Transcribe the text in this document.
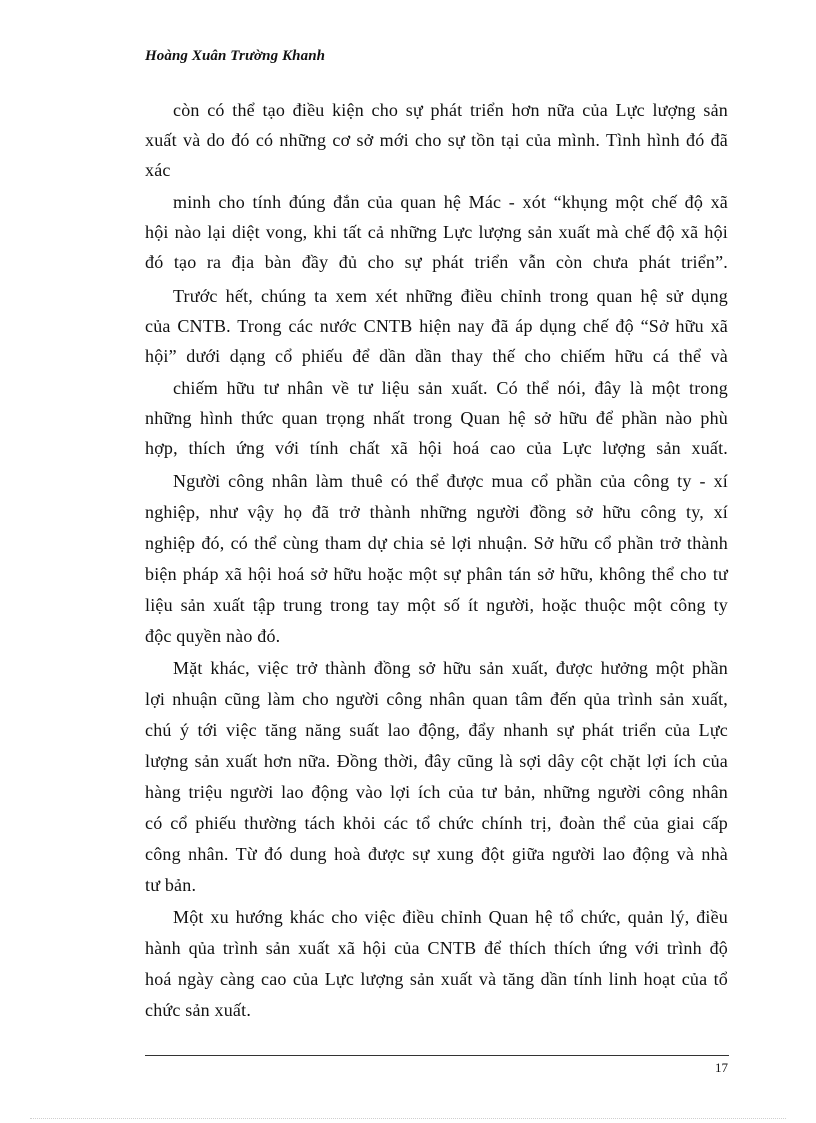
Hoàng Xuân Trường Khanh
còn có thể tạo điều kiện cho sự phát triển hơn nữa của Lực lượng sản
xuất và do đó có những cơ sở mới cho sự tồn tại của mình. Tình hình đó đã
xác
minh cho tính đúng đắn của quan hệ Mác - xót “khụng một chế độ xã
hội nào lại diệt vong, khi tất cả những Lực lượng sản xuất mà chế độ xã hội
đó tạo ra địa bàn đầy đủ cho sự phát triển vẫn còn chưa phát triển”.
Trước hết, chúng ta xem xét những điều chỉnh trong quan hệ sử dụng
của CNTB. Trong các nước CNTB hiện nay đã áp dụng chế độ “Sở hữu xã
hội” dưới dạng cổ phiếu để dần dần thay thế cho chiếm hữu cá thể và
chiếm hữu tư nhân về tư liệu sản xuất. Có thể nói, đây là một trong
những hình thức quan trọng nhất trong Quan hệ sở hữu để phần nào phù
hợp, thích ứng với tính chất xã hội hoá cao của Lực lượng sản xuất.
Người công nhân làm thuê có thể được mua cổ phần của công ty - xí
nghiệp, như vậy họ đã trở thành những người đồng sở hữu công ty, xí
nghiệp đó, có thể cùng tham dự chia sẻ lợi nhuận. Sở hữu cổ phần trở thành
biện pháp xã hội hoá sở hữu hoặc một sự phân tán sở hữu, không thể cho tư
liệu sản xuất tập trung trong tay một số ít người, hoặc thuộc một công ty
độc quyền nào đó.
Mặt khác, việc trở thành đồng sở hữu sản xuất, được hưởng một phần
lợi nhuận cũng làm cho người công nhân quan tâm đến qủa trình sản xuất,
chú ý tới việc tăng năng suất lao động, đẩy nhanh sự phát triển của Lực
lượng sản xuất hơn nữa. Đồng thời, đây cũng là sợi dây cột chặt lợi ích của
hàng triệu người lao động vào lợi ích của tư bản, những người công nhân
có cổ phiếu thường tách khỏi các tổ chức chính trị, đoàn thể của giai cấp
công nhân. Từ đó dung hoà được sự xung đột giữa người lao động và nhà
tư bản.
Một xu hướng khác cho việc điều chỉnh Quan hệ tổ chức, quản lý, điều
hành qủa trình sản xuất xã hội của CNTB để thích thích ứng với trình độ
hoá ngày càng cao của Lực lượng sản xuất và tăng dần tính linh hoạt của tổ
chức sản xuất.
17
